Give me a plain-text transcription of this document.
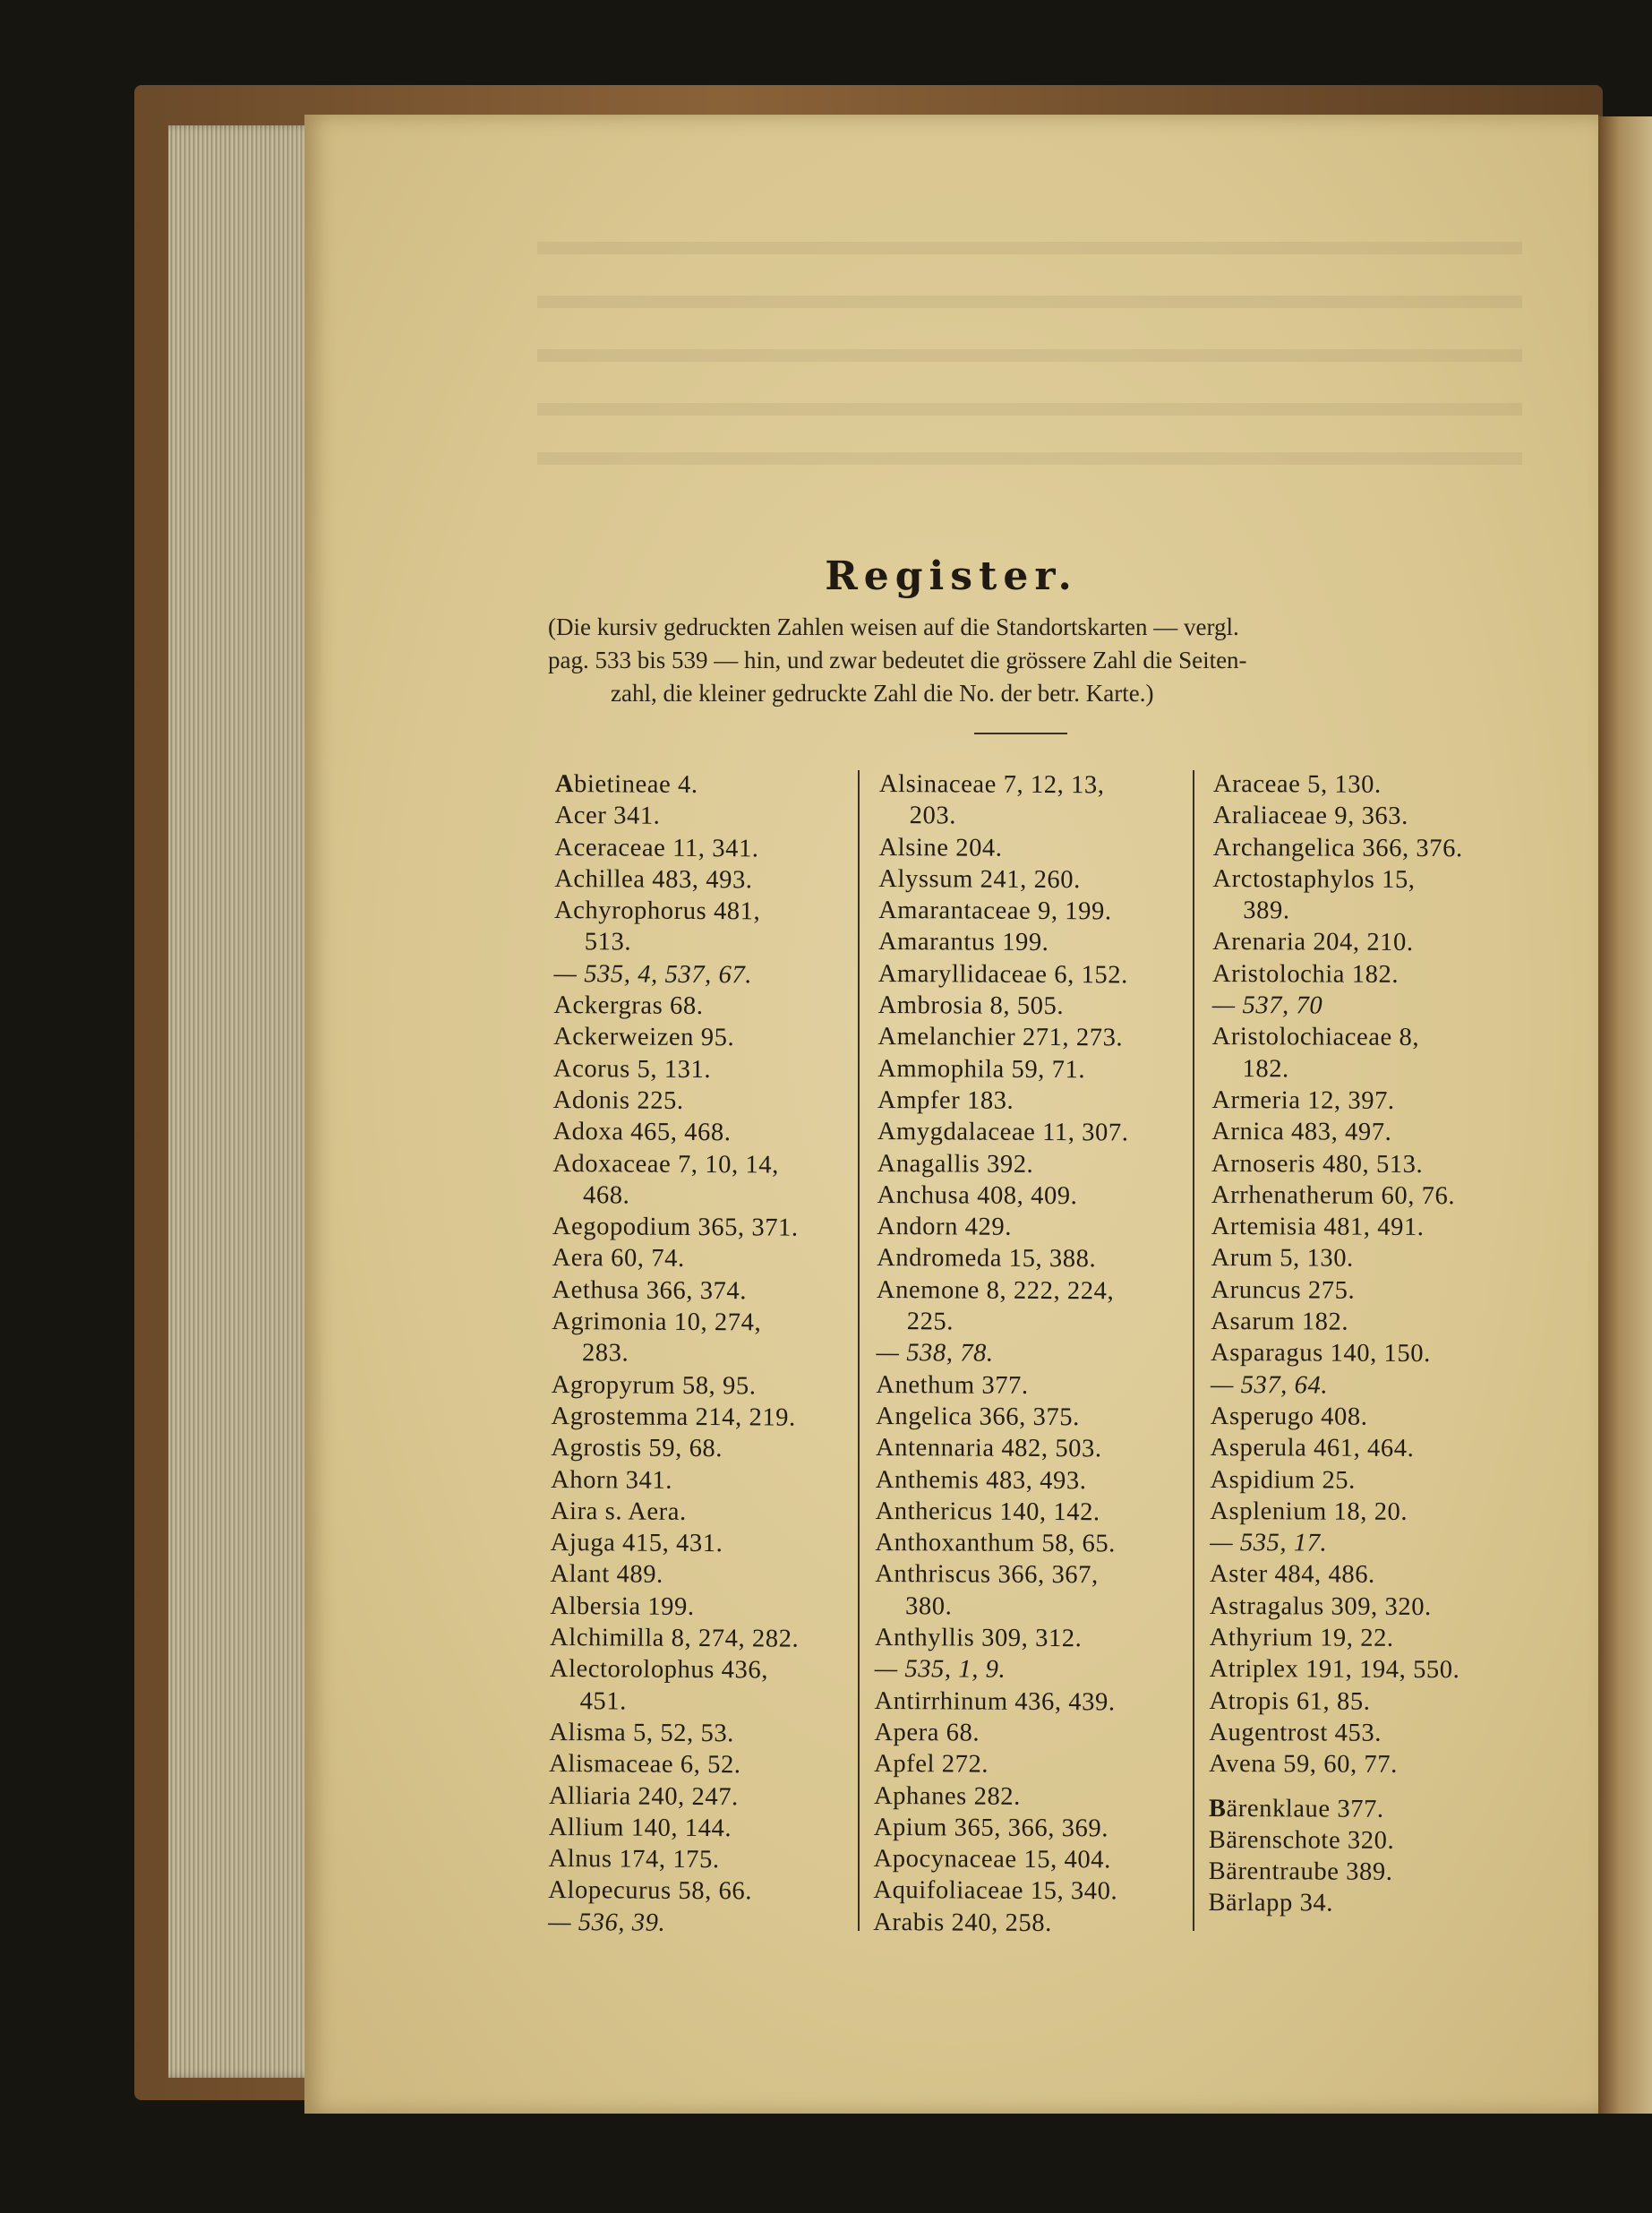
Register.
(Die kursiv gedruckten Zahlen weisen auf die Standortskarten — vergl.
pag. 533 bis 539 — hin, und zwar bedeutet die grössere Zahl die Seiten-
zahl, die kleiner gedruckte Zahl die No. der betr. Karte.)
Abietineae 4.
Acer 341.
Aceraceae 11, 341.
Achillea 483, 493.
Achyrophorus 481,
513.
— 535, 4, 537, 67.
Ackergras 68.
Ackerweizen 95.
Acorus 5, 131.
Adonis 225.
Adoxa 465, 468.
Adoxaceae 7, 10, 14,
468.
Aegopodium 365, 371.
Aera 60, 74.
Aethusa 366, 374.
Agrimonia 10, 274,
283.
Agropyrum 58, 95.
Agrostemma 214, 219.
Agrostis 59, 68.
Ahorn 341.
Aira s. Aera.
Ajuga 415, 431.
Alant 489.
Albersia 199.
Alchimilla 8, 274, 282.
Alectorolophus 436,
451.
Alisma 5, 52, 53.
Alismaceae 6, 52.
Alliaria 240, 247.
Allium 140, 144.
Alnus 174, 175.
Alopecurus 58, 66.
— 536, 39.
Alsinaceae 7, 12, 13,
203.
Alsine 204.
Alyssum 241, 260.
Amarantaceae 9, 199.
Amarantus 199.
Amaryllidaceae 6, 152.
Ambrosia 8, 505.
Amelanchier 271, 273.
Ammophila 59, 71.
Ampfer 183.
Amygdalaceae 11, 307.
Anagallis 392.
Anchusa 408, 409.
Andorn 429.
Andromeda 15, 388.
Anemone 8, 222, 224,
225.
— 538, 78.
Anethum 377.
Angelica 366, 375.
Antennaria 482, 503.
Anthemis 483, 493.
Anthericus 140, 142.
Anthoxanthum 58, 65.
Anthriscus 366, 367,
380.
Anthyllis 309, 312.
— 535, 1, 9.
Antirrhinum 436, 439.
Apera 68.
Apfel 272.
Aphanes 282.
Apium 365, 366, 369.
Apocynaceae 15, 404.
Aquifoliaceae 15, 340.
Arabis 240, 258.
Araceae 5, 130.
Araliaceae 9, 363.
Archangelica 366, 376.
Arctostaphylos 15,
389.
Arenaria 204, 210.
Aristolochia 182.
— 537, 70
Aristolochiaceae 8,
182.
Armeria 12, 397.
Arnica 483, 497.
Arnoseris 480, 513.
Arrhenatherum 60, 76.
Artemisia 481, 491.
Arum 5, 130.
Aruncus 275.
Asarum 182.
Asparagus 140, 150.
— 537, 64.
Asperugo 408.
Asperula 461, 464.
Aspidium 25.
Asplenium 18, 20.
— 535, 17.
Aster 484, 486.
Astragalus 309, 320.
Athyrium 19, 22.
Atriplex 191, 194, 550.
Atropis 61, 85.
Augentrost 453.
Avena 59, 60, 77.
Bärenklaue 377.
Bärenschote 320.
Bärentraube 389.
Bärlapp 34.
